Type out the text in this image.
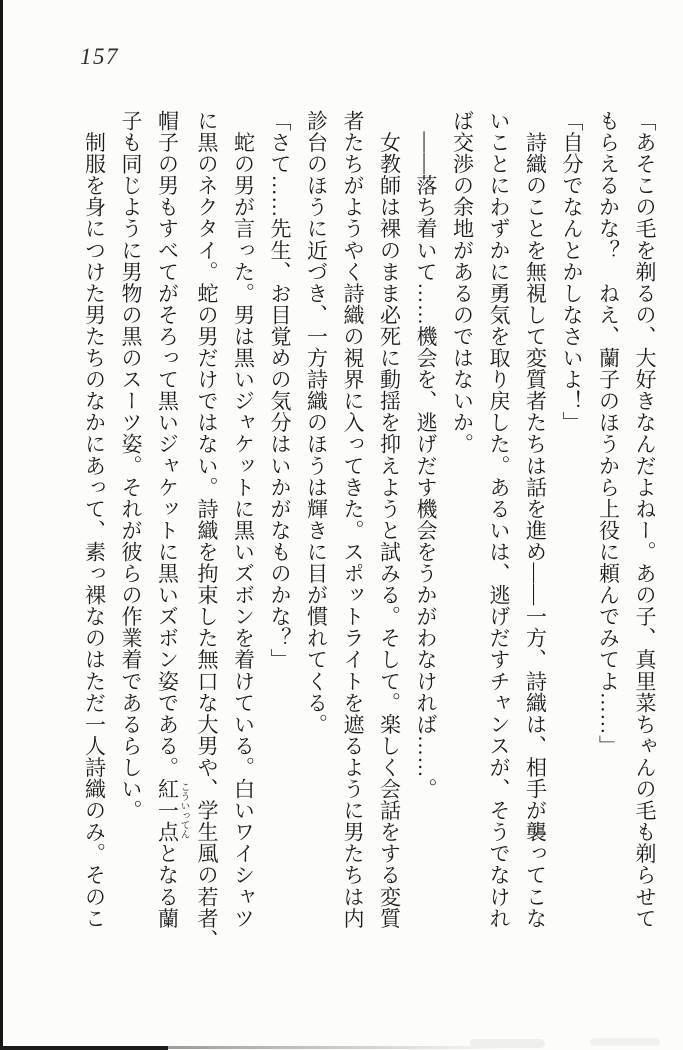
157

「あそこの毛を剃るの、大好きなんだよねー。あの子、真里菜ちゃんの毛も剃らせて

もらえるかな？　ねえ、蘭子のほうから上役に頼んでみてよ……」

「自分でなんとかしなさいよ！」

　詩織のことを無視して変質者たちは話を進め——一方、詩織は、相手が襲ってこな

いことにわずかに勇気を取り戻した。あるいは、逃げだすチャンスが、そうでなけれ

ば交渉の余地があるのではないか。

　——落ち着いて……機会を、逃げだす機会をうかがわなければ……。

　女教師は裸のまま必死に動揺を抑えようと試みる。そして。楽しく会話をする変質

者たちがようやく詩織の視界に入ってきた。スポットライトを遮るように男たちは内

診台のほうに近づき、一方詩織のほうは輝きに目が慣れてくる。

「さて……先生、お目覚めの気分はいかがなものかな？」

　蛇の男が言った。男は黒いジャケットに黒いズボンを着けている。白いワイシャツ

に黒のネクタイ。蛇の男だけではない。詩織を拘束した無口な大男や、学生風の若者、

帽子の男もすべてがそろって黒いジャケットに黒いズボン姿である。紅一点 こういってんとなる蘭

子も同じように男物の黒のスーツ姿。それが彼らの作業着であるらしい。

　制服を身につけた男たちのなかにあって、素っ裸なのはただ一人詩織のみ。そのこ
